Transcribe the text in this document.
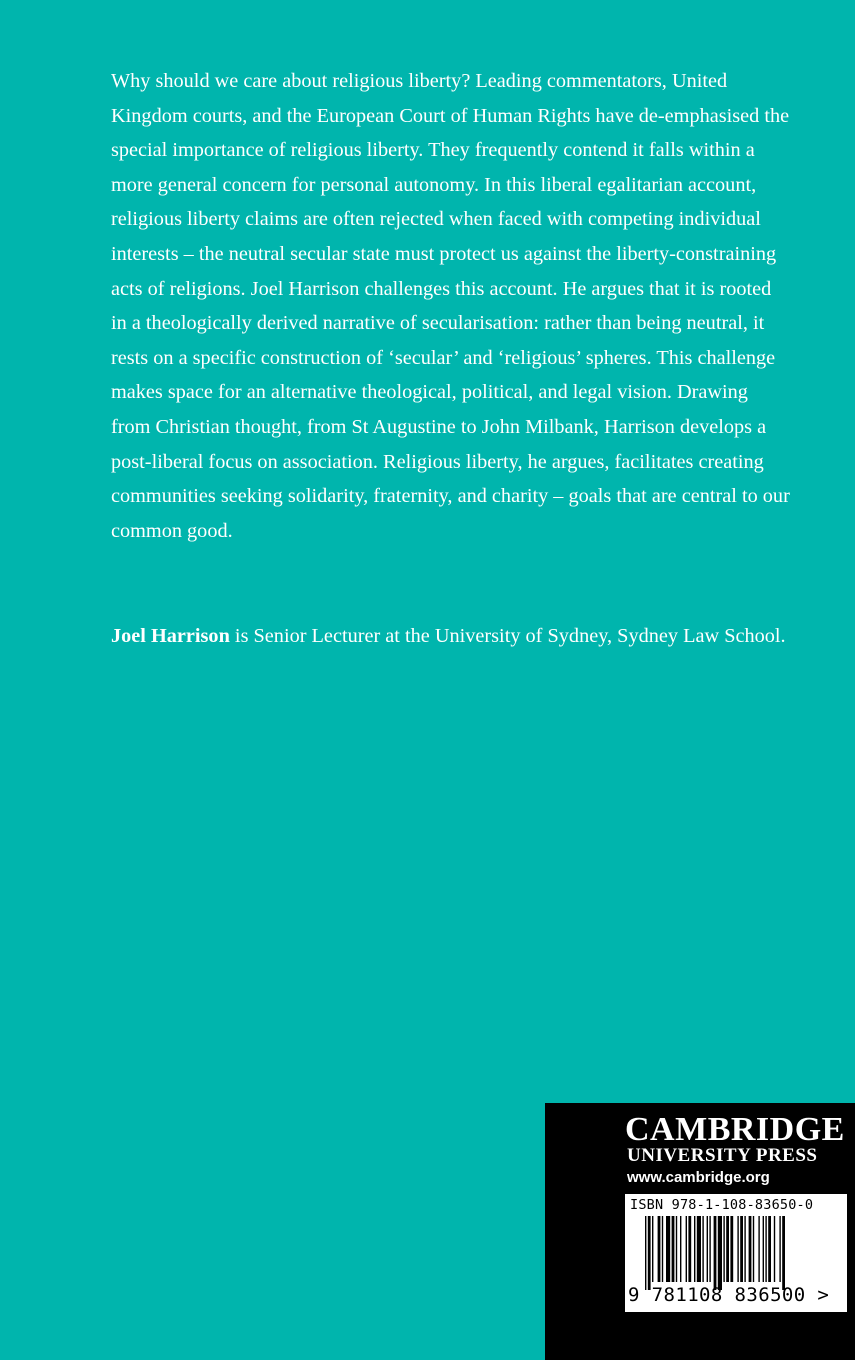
Why should we care about religious liberty? Leading commentators, United Kingdom courts, and the European Court of Human Rights have de-emphasised the special importance of religious liberty. They frequently contend it falls within a more general concern for personal autonomy. In this liberal egalitarian account, religious liberty claims are often rejected when faced with competing individual interests – the neutral secular state must protect us against the liberty-constraining acts of religions. Joel Harrison challenges this account. He argues that it is rooted in a theologically derived narrative of secularisation: rather than being neutral, it rests on a specific construction of ‘secular’ and ‘religious’ spheres. This challenge makes space for an alternative theological, political, and legal vision. Drawing from Christian thought, from St Augustine to John Milbank, Harrison develops a post-liberal focus on association. Religious liberty, he argues, facilitates creating communities seeking solidarity, fraternity, and charity – goals that are central to our common good.

Joel Harrison is Senior Lecturer at the University of Sydney, Sydney Law School.

CAMBRIDGE
UNIVERSITY PRESS
www.cambridge.org
ISBN 978-1-108-83650-0
9 781108 836500 >
